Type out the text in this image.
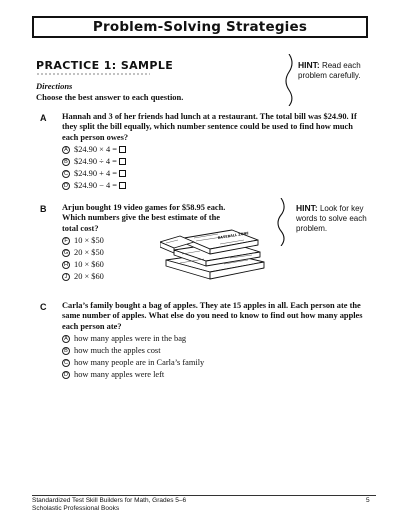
Problem-Solving Strategies
PRACTICE 1: SAMPLE	HINT: Read each
problem carefully.
Directions
Choose the best answer to each question.
A Hannah and 3 of her friends had lunch at a restaurant. The total bill was $24.90. If
they split the bill equally, which number sentence could be used to find how much
each person owes?
A $24.90 × 4 =
B $24.90 ÷ 4 =
C $24.90 + 4 =
D $24.90 − 4 =
B Arjun bought 19 video games for $58.95 each.
Which numbers give the best estimate of the
total cost?
F 10 × $50
G 20 × $50
H 10 × $60
J 20 × $60
BASEBALL ZONE
HINT: Look for key
words to solve each
problem.
C Carla’s family bought a bag of apples. They ate 15 apples in all. Each person ate the
same number of apples. What else do you need to know to find out how many apples
each person ate?
A how many apples were in the bag
B how much the apples cost
C how many people are in Carla’s family
D how many apples were left
Standardized Test Skill Builders for Math, Grades 5–6
Scholastic Professional Books
5
